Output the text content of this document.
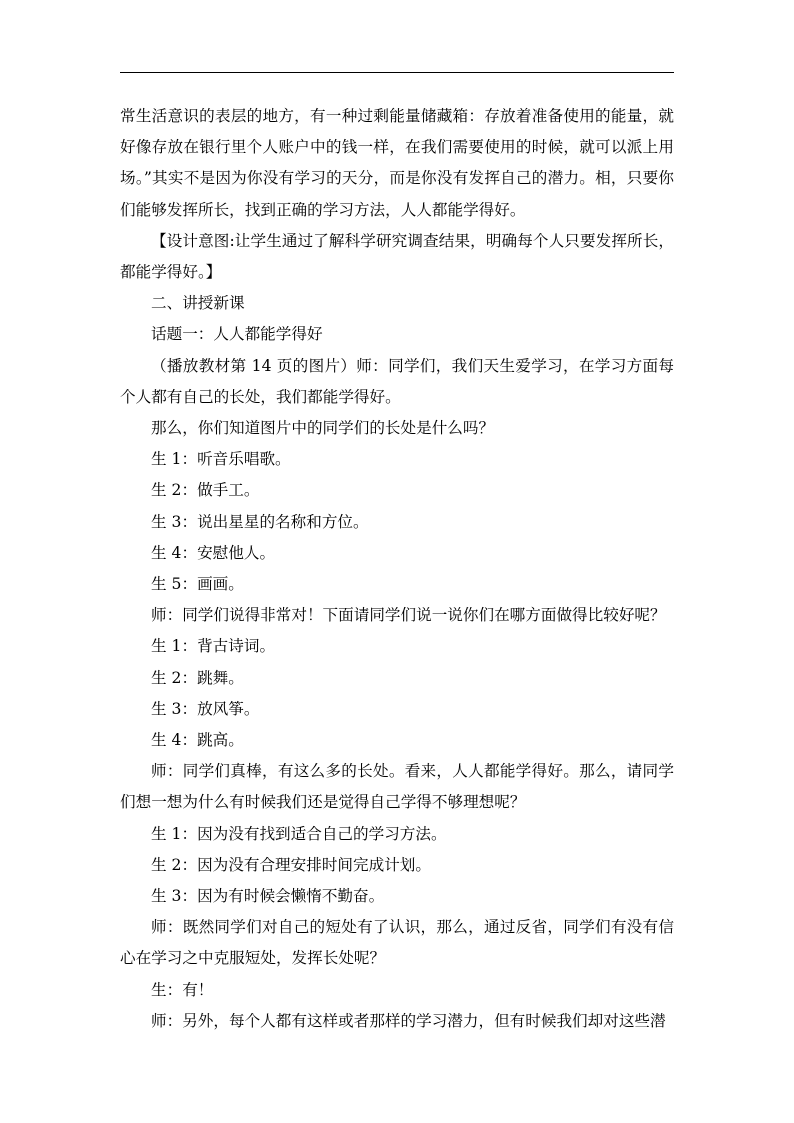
常生活意识的表层的地方，有一种过剩能量储藏箱：存放着准备使用的能量，就好像存放在银行里个人账户中的钱一样，在我们需要使用的时候，就可以派上用场。”其实不是因为你没有学习的天分，而是你没有发挥自己的潜力。相，只要你们能够发挥所长，找到正确的学习方法，人人都能学得好。

【设计意图:让学生通过了解科学研究调查结果，明确每个人只要发挥所长，都能学得好。】

二、讲授新课

话题一：人人都能学得好

（播放教材第 14 页的图片）师：同学们，我们天生爱学习，在学习方面每个人都有自己的长处，我们都能学得好。

那么，你们知道图片中的同学们的长处是什么吗？

生 1：听音乐唱歌。

生 2：做手工。

生 3：说出星星的名称和方位。

生 4：安慰他人。

生 5：画画。

师：同学们说得非常对！下面请同学们说一说你们在哪方面做得比较好呢？

生 1：背古诗词。

生 2：跳舞。

生 3：放风筝。

生 4：跳高。

师：同学们真棒，有这么多的长处。看来，人人都能学得好。那么，请同学们想一想为什么有时候我们还是觉得自己学得不够理想呢？

生 1：因为没有找到适合自己的学习方法。

生 2：因为没有合理安排时间完成计划。

生 3：因为有时候会懒惰不勤奋。

师：既然同学们对自己的短处有了认识，那么，通过反省，同学们有没有信心在学习之中克服短处，发挥长处呢？

生：有！

师：另外，每个人都有这样或者那样的学习潜力，但有时候我们却对这些潜
